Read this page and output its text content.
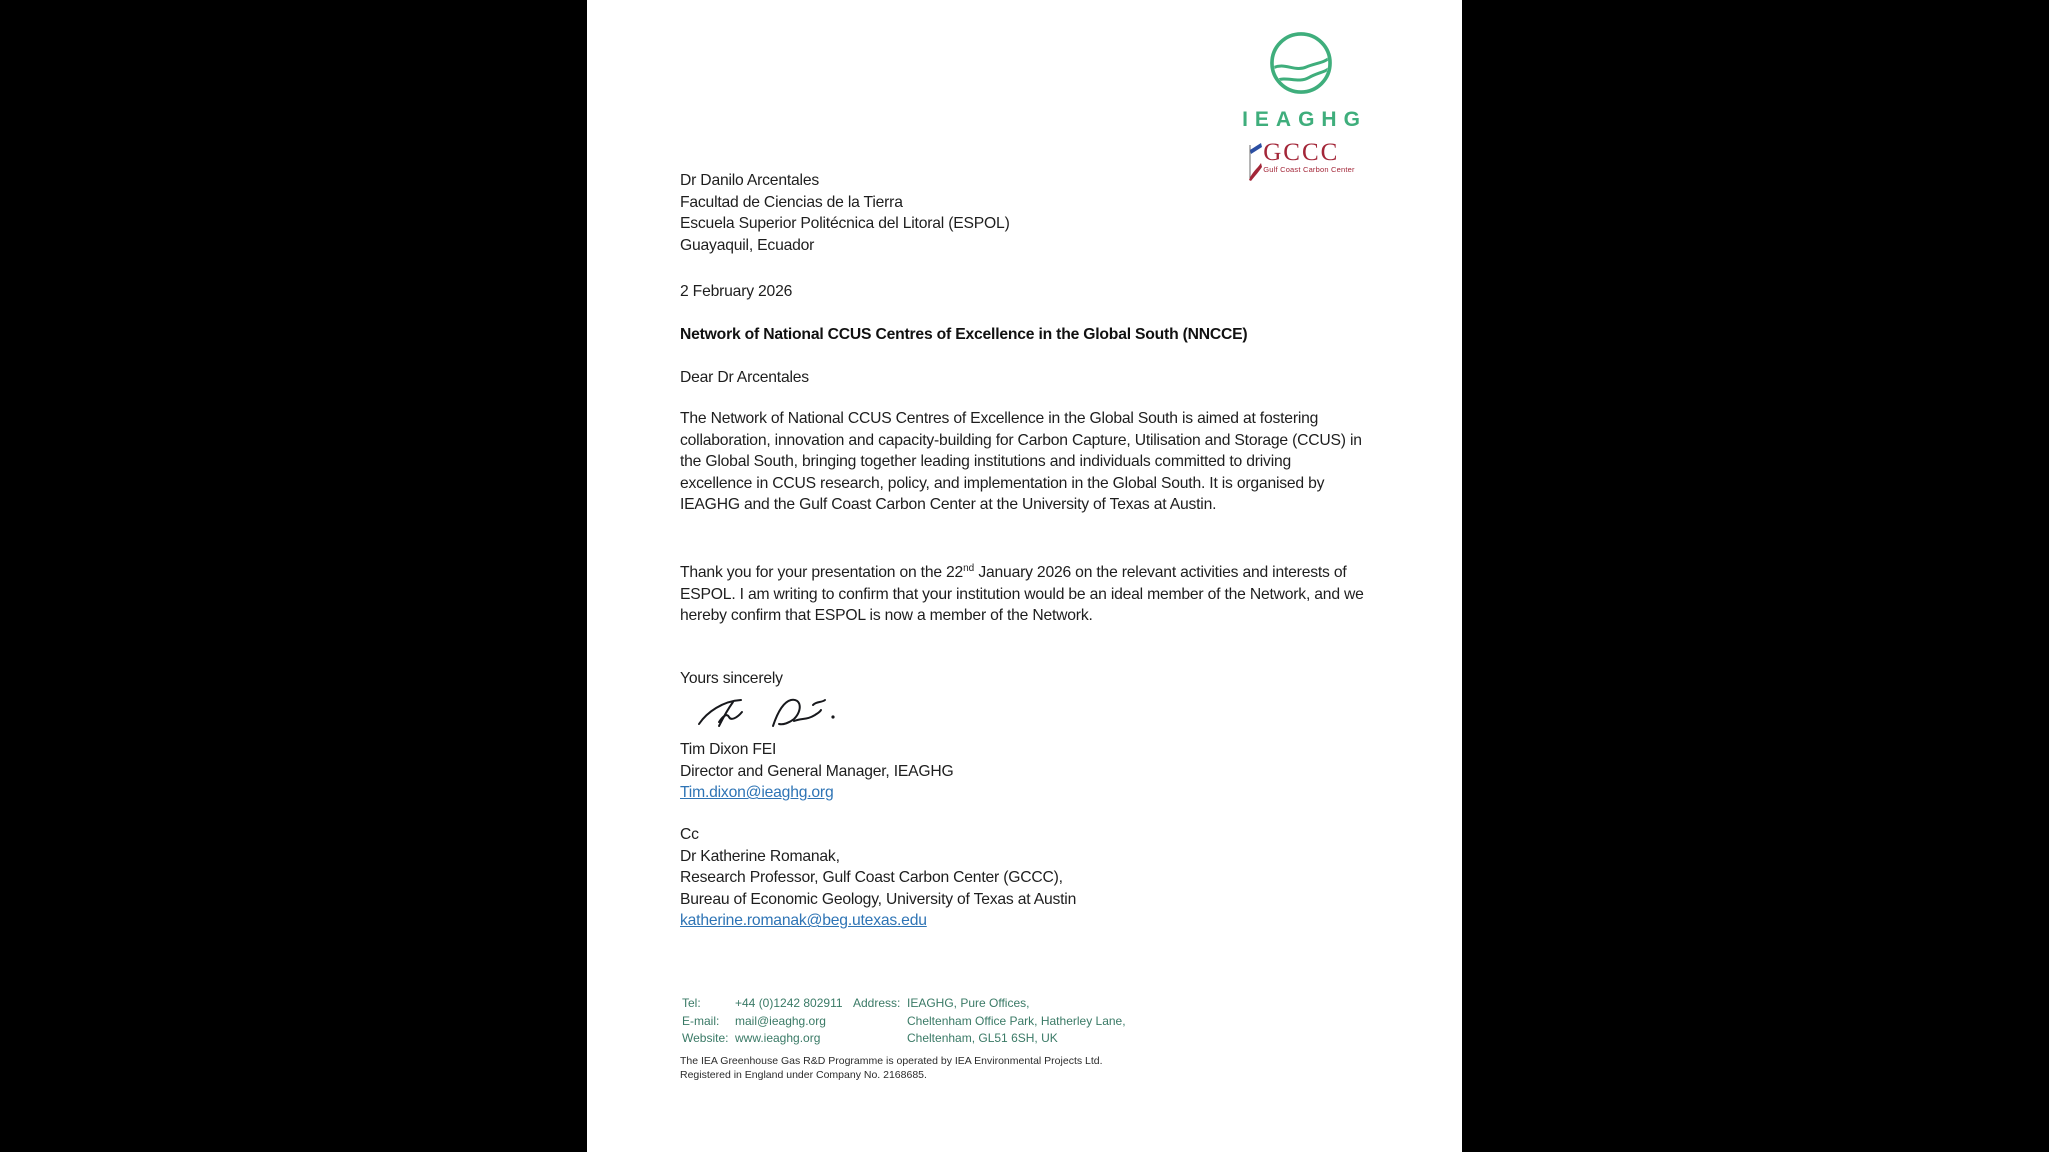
IEAGHG
GCCC
Gulf Coast Carbon Center
Dr Danilo Arcentales
Facultad de Ciencias de la Tierra
Escuela Superior Politécnica del Litoral (ESPOL)
Guayaquil, Ecuador
2 February 2026
Network of National CCUS Centres of Excellence in the Global South (NNCCE)
Dear Dr Arcentales
The Network of National CCUS Centres of Excellence in the Global South is aimed at fostering collaboration, innovation and capacity-building for Carbon Capture, Utilisation and Storage (CCUS) in the Global South, bringing together leading institutions and individuals committed to driving excellence in CCUS research, policy, and implementation in the Global South. It is organised by IEAGHG and the Gulf Coast Carbon Center at the University of Texas at Austin.
Thank you for your presentation on the 22nd January 2026 on the relevant activities and interests of ESPOL. I am writing to confirm that your institution would be an ideal member of the Network, and we hereby confirm that ESPOL is now a member of the Network.
Yours sincerely
Tim Dixon FEI
Director and General Manager, IEAGHG
Tim.dixon@ieaghg.org
Cc
Dr Katherine Romanak,
Research Professor, Gulf Coast Carbon Center (GCCC),
Bureau of Economic Geology, University of Texas at Austin
katherine.romanak@beg.utexas.edu
Tel:	+44 (0)1242 802911 Address: IEAGHG, Pure Offices,
E-mail:	mail@ieaghg.org	Cheltenham Office Park, Hatherley Lane,
Website: www.ieaghg.org	Cheltenham, GL51 6SH, UK
The IEA Greenhouse Gas R&D Programme is operated by IEA Environmental Projects Ltd.
Registered in England under Company No. 2168685.
